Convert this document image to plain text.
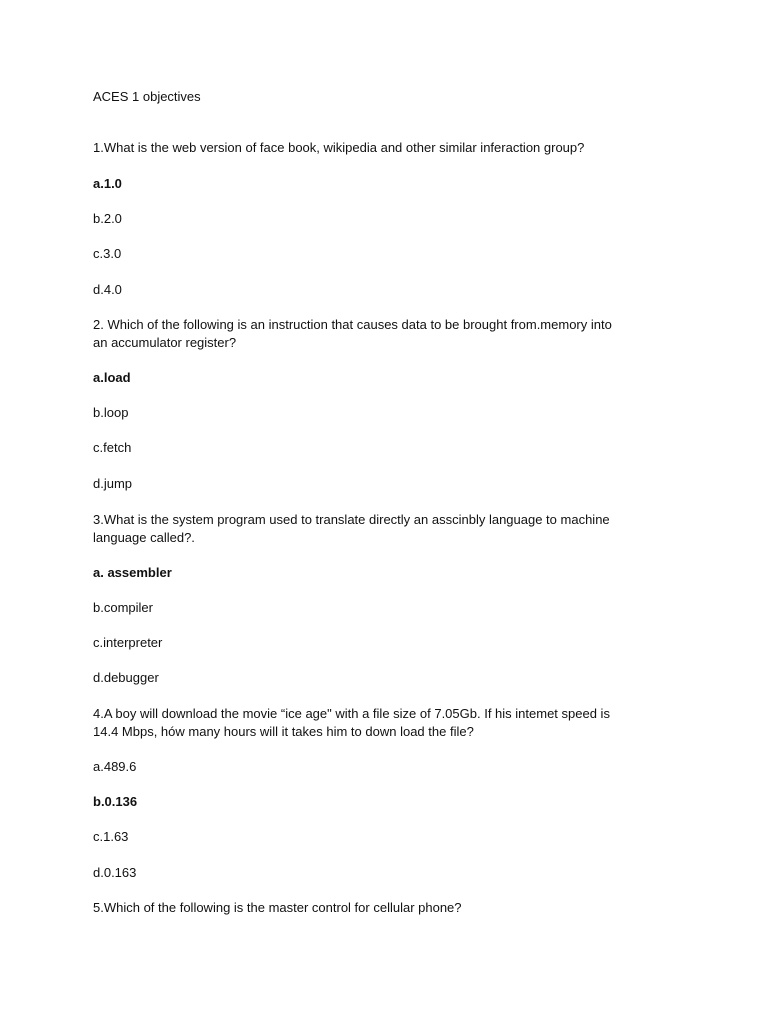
ACES 1 objectives
1.What is the web version of face book, wikipedia and other similar inferaction group?
a.1.0
b.2.0
c.3.0
d.4.0
2. Which of the following is an instruction that causes data to be brought from.memory into
an accumulator register?
a.load
b.loop
c.fetch
d.jump
3.What is the system program used to translate directly an asscinbly language to machine
language called?.
a. assembler
b.compiler
c.interpreter
d.debugger
4.A boy will download the movie “ice age" with a file size of 7.05Gb. If his intemet speed is
14.4 Mbps, hów many hours will it takes him to down load the file?
a.489.6
b.0.136
c.1.63
d.0.163
5.Which of the following is the master control for cellular phone?
